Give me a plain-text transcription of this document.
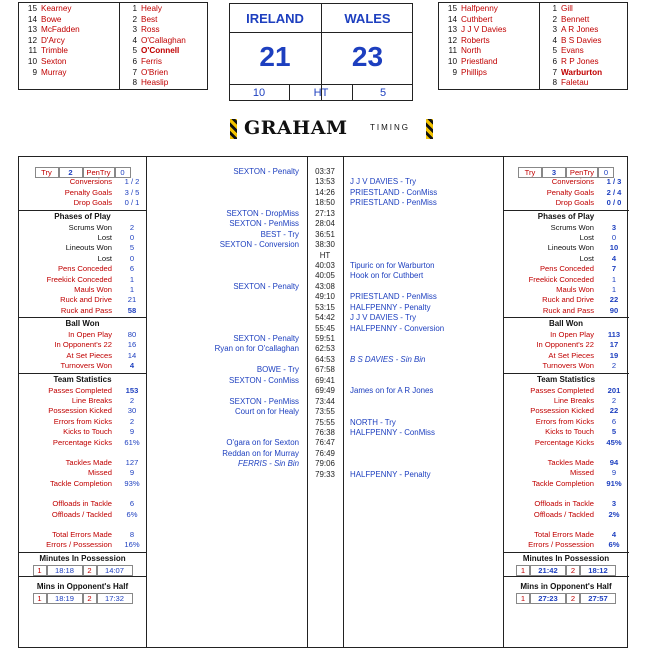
15 Kearney
14 Bowe
13 McFadden
12 D'Arcy
11 Trimble
10 Sexton
9 Murray
1 Healy
2 Best
3 Ross
4 O'Callaghan
5 O'Connell
6 Ferris
7 O'Brien
8 Heaslip
IRELAND	WALES
21	23
10	HT	5
15 Halfpenny
14 Cuthbert
13 J J V Davies
12 Roberts
11 North
10 Priestland
9 Phillips
1 Gill
2 Bennett
3 A R Jones
4 B S Davies
5 Evans
6 R P Jones
7 Warburton
8 Faletau
GRAHAM	TIMING
Try	2	PenTry	0
Conversions	1 / 2
Penalty Goals	3 / 5
Drop Goals	0 / 1
Phases of Play
Scrums Won	2
Lost	0
Lineouts Won	5
Lost	0
Pens Conceded	6
Freekick Conceded	1
Mauls Won	1
Ruck and Drive	21
Ruck and Pass	58
Ball Won
In Open Play	80
In Opponent's 22	16
At Set Pieces	14
Turnovers Won	4
Team Statistics
Passes Completed	153
Line Breaks	2
Possession Kicked	30
Errors from Kicks	2
Kicks to Touch	9
Percentage Kicks	61%
Tackles Made	127
Missed	9
Tackle Completion	93%
Offloads in Tackle	6
Offloads / Tackled	6%
Total Errors Made	8
Errors / Possession	16%
Minutes In Possession
1	18:18	2	14:07
Mins in Opponent's Half
1	18:19	2	17:32
Try	3	PenTry	0
Conversions	1 / 3
Penalty Goals	2 / 4
Drop Goals	0 / 0
Phases of Play
Scrums Won	3
Lost	0
Lineouts Won	10
Lost	4
Pens Conceded	7
Freekick Conceded	1
Mauls Won	1
Ruck and Drive	22
Ruck and Pass	90
Ball Won
In Open Play	113
In Opponent's 22	17
At Set Pieces	19
Turnovers Won	2
Team Statistics
Passes Completed	201
Line Breaks	2
Possession Kicked	22
Errors from Kicks	6
Kicks to Touch	5
Percentage Kicks	45%
Tackles Made	94
Missed	9
Tackle Completion	91%
Offloads in Tackle	3
Offloads / Tackled	2%
Total Errors Made	4
Errors / Possession	6%
Minutes In Possession
1	21:42	2	18:12
Mins in Opponent's Half
1	27:23	2	27:57
SEXTON - Penalty	03:37
13:53	J J V DAVIES - Try
14:26	PRIESTLAND - ConMiss
18:50	PRIESTLAND - PenMiss
SEXTON - DropMiss	27:13
SEXTON - PenMiss	28:04
BEST - Try	36:51
SEXTON - Conversion	38:30
HT
40:03	Tipuric on for Warburton
40:05	Hook on for Cuthbert
SEXTON - Penalty	43:08
49:10	PRIESTLAND - PenMiss
53:15	HALFPENNY - Penalty
54:42	J J V DAVIES - Try
55:45	HALFPENNY - Conversion
SEXTON - Penalty	59:51
Ryan on for O'callaghan	62:53
64:53	B S DAVIES - Sin Bin
BOWE - Try	67:58
SEXTON - ConMiss	69:41
69:49	James on for A R Jones
SEXTON - PenMiss	73:44
Court on for Healy	73:55
75:55	NORTH - Try
76:38	HALFPENNY - ConMiss
O'gara on for Sexton	76:47
Reddan on for Murray	76:49
FERRIS - Sin Bin	79:06
79:33	HALFPENNY - Penalty
